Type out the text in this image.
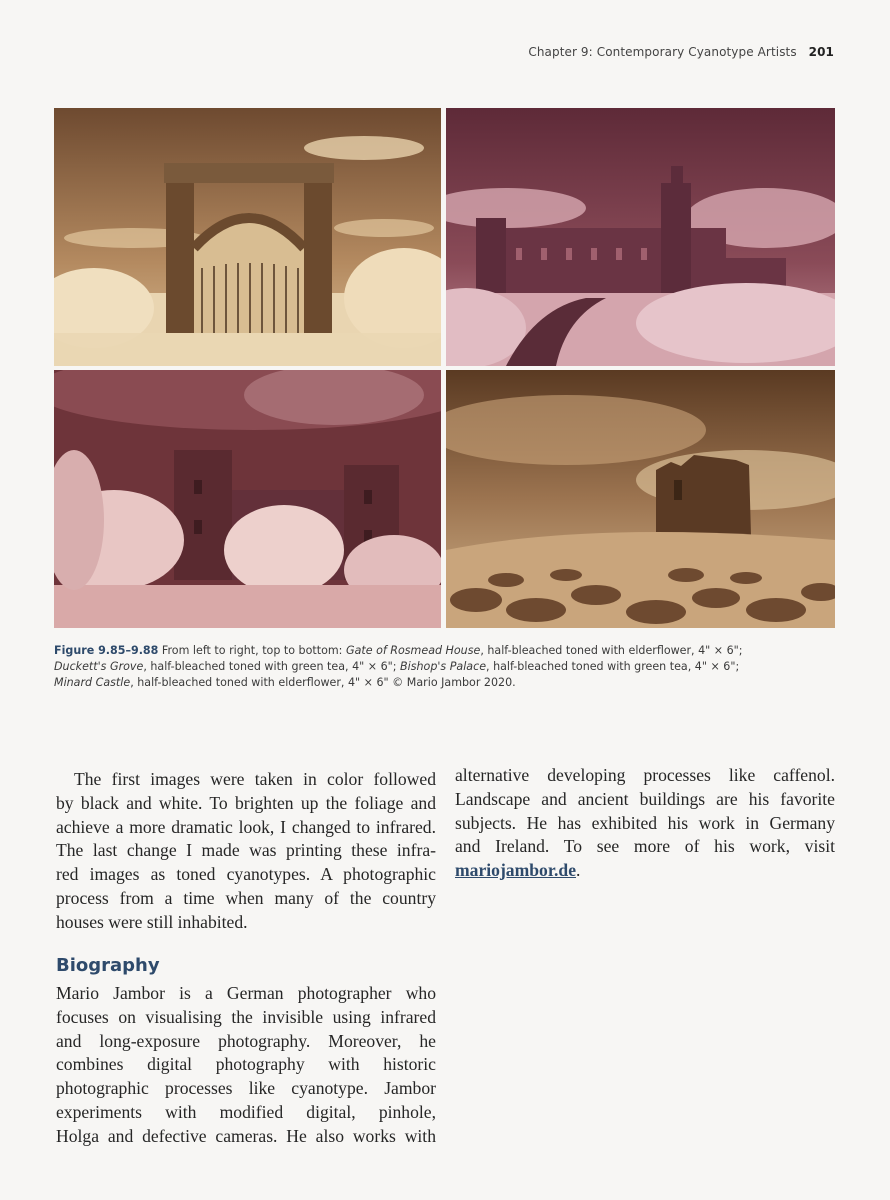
Chapter 9: Contemporary Cyanotype Artists 201
Figure 9.85–9.88 From left to right, top to bottom: Gate of Rosmead House, half-bleached toned with elderflower, 4" × 6";
Duckett's Grove, half-bleached toned with green tea, 4" × 6"; Bishop's Palace, half-bleached toned with green tea, 4" × 6";
Minard Castle, half-bleached toned with elderflower, 4" × 6" © Mario Jambor 2020.
The first images were taken in color followed
by black and white. To brighten up the foliage and
achieve a more dramatic look, I changed to infrared.
The last change I made was printing these infra-
red images as toned cyanotypes. A photographic
process from a time when many of the country
houses were still inhabited.
Biography
Mario Jambor is a German photographer who
focuses on visualising the invisible using infrared
and long-exposure photography. Moreover, he
combines digital photography with historic
photographic processes like cyanotype. Jambor
experiments with modified digital, pinhole,
Holga and defective cameras. He also works with
alternative developing processes like caffenol.
Landscape and ancient buildings are his favorite
subjects. He has exhibited his work in Germany
and Ireland. To see more of his work, visit
mariojambor.de.
